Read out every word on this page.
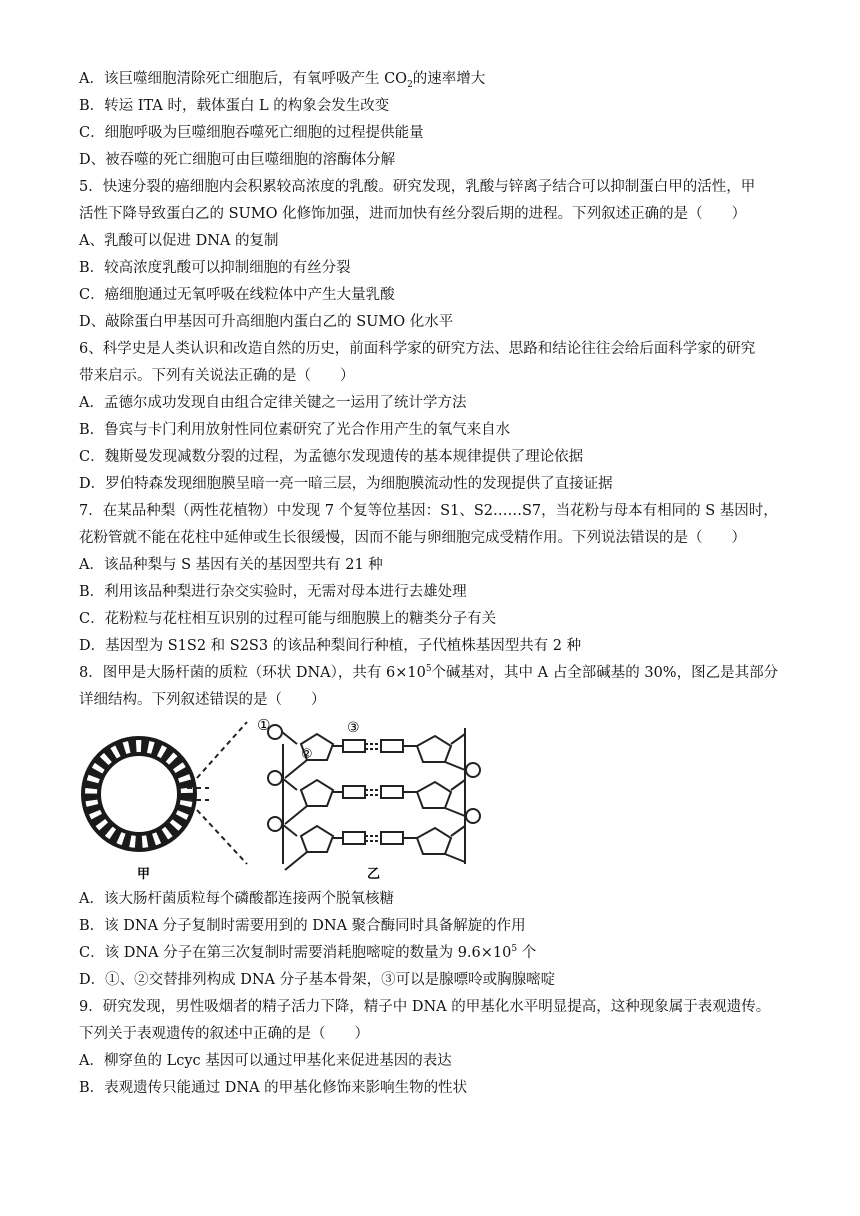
A．该巨噬细胞清除死亡细胞后，有氧呼吸产生 $CO_2$的速率增大
B．转运 ITA 时，载体蛋白 L 的构象会发生改变
C．细胞呼吸为巨噬细胞吞噬死亡细胞的过程提供能量
D、被吞噬的死亡细胞可由巨噬细胞的溶酶体分解
5．快速分裂的癌细胞内会积累较高浓度的乳酸。研究发现，乳酸与锌离子结合可以抑制蛋白甲的活性，甲
活性下降导致蛋白乙的 SUMO 化修饰加强，进而加快有丝分裂后期的进程。下列叙述正确的是（　　）
A、乳酸可以促进 DNA 的复制
B．较高浓度乳酸可以抑制细胞的有丝分裂
C．癌细胞通过无氧呼吸在线粒体中产生大量乳酸
D、敲除蛋白甲基因可升高细胞内蛋白乙的 SUMO 化水平
6、科学史是人类认识和改造自然的历史，前面科学家的研究方法、思路和结论往往会给后面科学家的研究
带来启示。下列有关说法正确的是（　　）
A．孟德尔成功发现自由组合定律关键之一运用了统计学方法
B．鲁宾与卡门利用放射性同位素研究了光合作用产生的氧气来自水
C．魏斯曼发现减数分裂的过程，为孟德尔发现遗传的基本规律提供了理论依据
D．罗伯特森发现细胞膜呈暗一亮一暗三层，为细胞膜流动性的发现提供了直接证据
7．在某品种梨（两性花植物）中发现 7 个复等位基因：S1、S2……S7，当花粉与母本有相同的 S 基因时，
花粉管就不能在花柱中延伸或生长很缓慢，因而不能与卵细胞完成受精作用。下列说法错误的是（　　）
A．该品种梨与 S 基因有关的基因型共有 21 种
B．利用该品种梨进行杂交实验时，无需对母本进行去雄处理
C．花粉粒与花柱相互识别的过程可能与细胞膜上的糖类分子有关
D．基因型为 S1S2 和 S2S3 的该品种梨间行种植，子代植株基因型共有 2 种
8．图甲是大肠杆菌的质粒（环状 DNA），共有 $6\times 10^5$个碱基对，其中 A 占全部碱基的 30%，图乙是其部分
详细结构。下列叙述错误的是（　　）
甲
①
②
③
乙
A．该大肠杆菌质粒每个磷酸都连接两个脱氧核糖
B．该 DNA 分子复制时需要用到的 DNA 聚合酶同时具备解旋的作用
C．该 DNA 分子在第三次复制时需要消耗胞嘧啶的数量为 $9.6\times 10^5$ 个
D．①、②交替排列构成 DNA 分子基本骨架，③可以是腺嘌呤或胸腺嘧啶
9．研究发现，男性吸烟者的精子活力下降，精子中 DNA 的甲基化水平明显提高，这种现象属于表观遗传。
下列关于表观遗传的叙述中正确的是（　　）
A．柳穿鱼的 Lcyc 基因可以通过甲基化来促进基因的表达
B．表观遗传只能通过 DNA 的甲基化修饰来影响生物的性状
